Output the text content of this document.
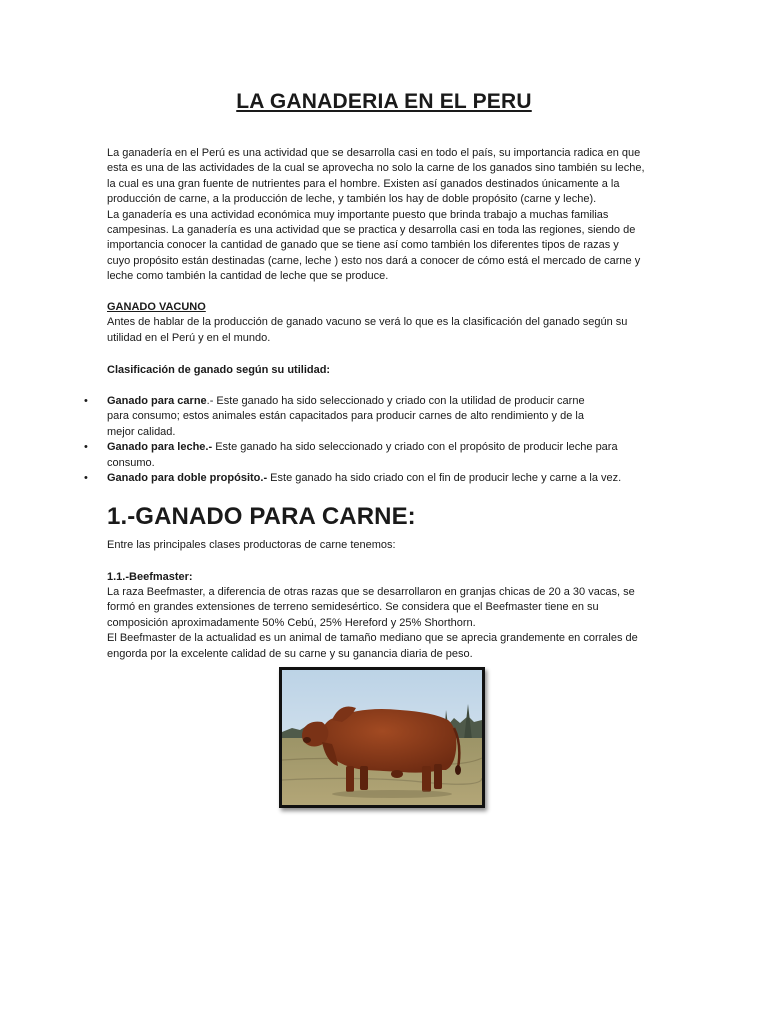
LA GANADERIA EN EL PERU

La ganadería en el Perú es una actividad que se desarrolla casi en todo el país, su importancia radica en que

esta es una de las actividades de la cual se aprovecha no solo la carne de los ganados sino también su leche,

la cual es una gran fuente de nutrientes para el hombre. Existen así ganados destinados únicamente a la

producción de carne, a la producción de leche, y también los hay de doble propósito (carne y leche).

La ganadería es una actividad económica muy importante puesto que brinda trabajo a muchas familias

campesinas. La ganadería es una actividad que se practica y desarrolla casi en toda las regiones, siendo de

importancia conocer la cantidad de ganado que se tiene así como también los diferentes tipos de razas y

cuyo propósito están destinadas (carne, leche ) esto nos dará a conocer de cómo está el mercado de carne y

leche como también la cantidad de leche que se produce.

GANADO VACUNO

Antes de hablar de la producción de ganado vacuno se verá lo que es la clasificación del ganado según su

utilidad en el Perú y en el mundo.

Clasificación de ganado según su utilidad:
• Ganado para carne.- Este ganado ha sido seleccionado y criado con la utilidad de producir carne
para consumo; estos animales están capacitados para producir carnes de alto rendimiento y de la
mejor calidad.
• Ganado para leche.- Este ganado ha sido seleccionado y criado con el propósito de producir leche para
consumo.
• Ganado para doble propósito.- Este ganado ha sido criado con el fin de producir leche y carne a la vez.
1.-GANADO PARA CARNE:
Entre las principales clases productoras de carne tenemos:
1.1.-Beefmaster:

La raza Beefmaster, a diferencia de otras razas que se desarrollaron en granjas chicas de 20 a 30 vacas, se

formó en grandes extensiones de terreno semidesértico. Se considera que el Beefmaster tiene en su

composición aproximadamente 50% Cebú, 25% Hereford y 25% Shorthorn.

El Beefmaster de la actualidad es un animal de tamaño mediano que se aprecia grandemente en corrales de

engorda por la excelente calidad de su carne y su ganancia diaria de peso.
